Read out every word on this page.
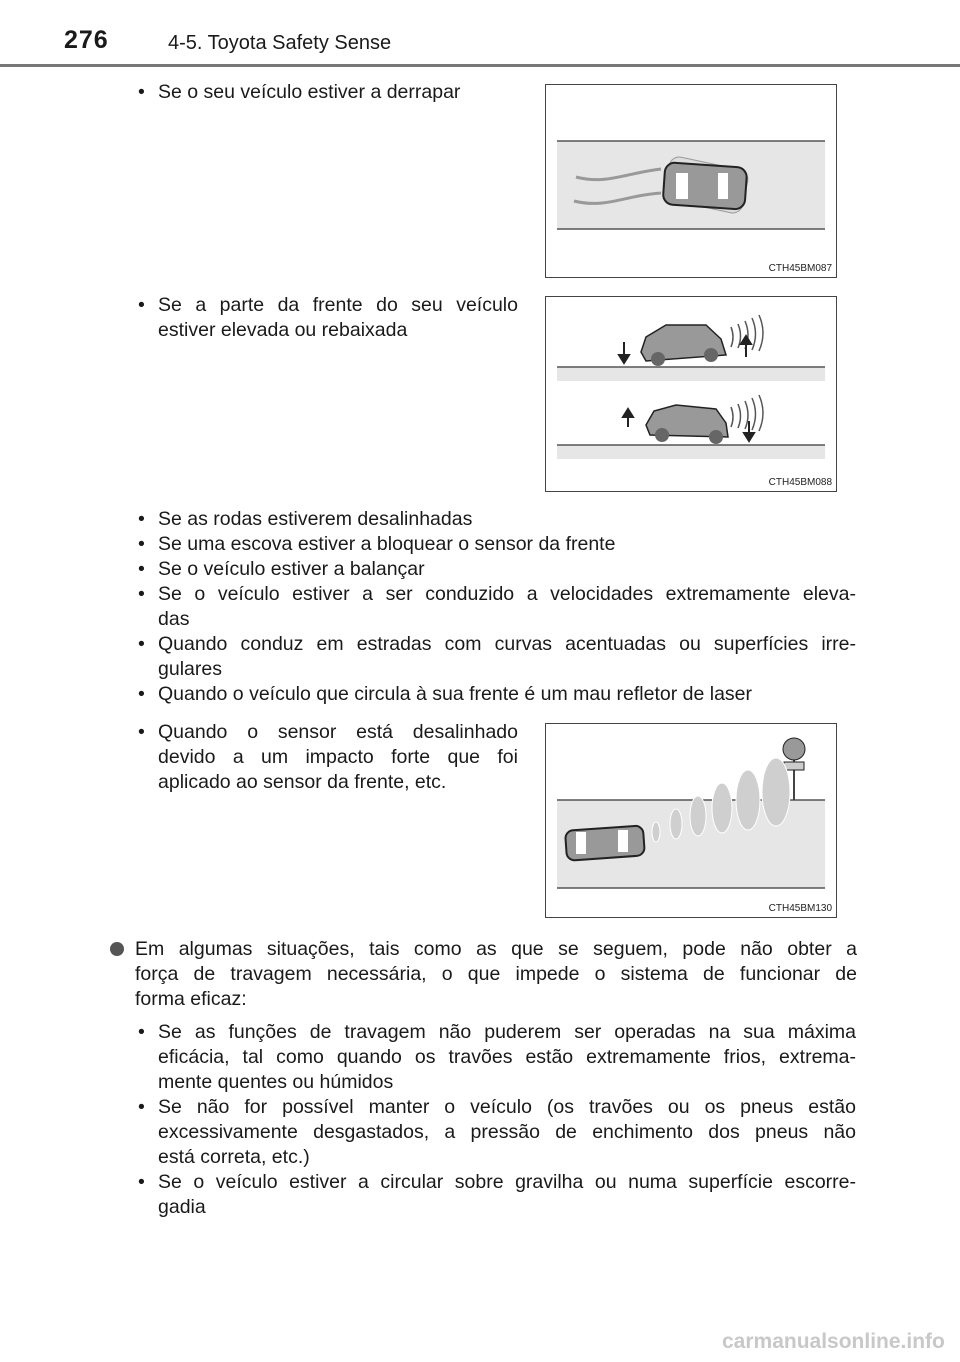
276	4-5. Toyota Safety Sense
CTH45BM087
CTH45BM088
CTH45BM130
Se o seu veículo estiver a derrapar
•
Se a parte da frente do seu veículo
estiver elevada ou rebaixada
•
Se as rodas estiverem desalinhadas
•
Se uma escova estiver a bloquear o sensor da frente
•
Se o veículo estiver a balançar
•
Se o veículo estiver a ser conduzido a velocidades extremamente eleva-
das
•
Quando conduz em estradas com curvas acentuadas ou superfícies irre-
gulares
•
Quando o veículo que circula à sua frente é um mau refletor de laser
•
Quando o sensor está desalinhado
devido a um impacto forte que foi
aplicado ao sensor da frente, etc.
•
Em algumas situações, tais como as que se seguem, pode não obter a
força de travagem necessária, o que impede o sistema de funcionar de
forma eficaz:
Se as funções de travagem não puderem ser operadas na sua máxima
eficácia, tal como quando os travões estão extremamente frios, extrema-
mente quentes ou húmidos
•
Se não for possível manter o veículo (os travões ou os pneus estão
excessivamente desgastados, a pressão de enchimento dos pneus não
está correta, etc.)
•
Se o veículo estiver a circular sobre gravilha ou numa superfície escorre-
gadia
•
carmanualsonline.info
